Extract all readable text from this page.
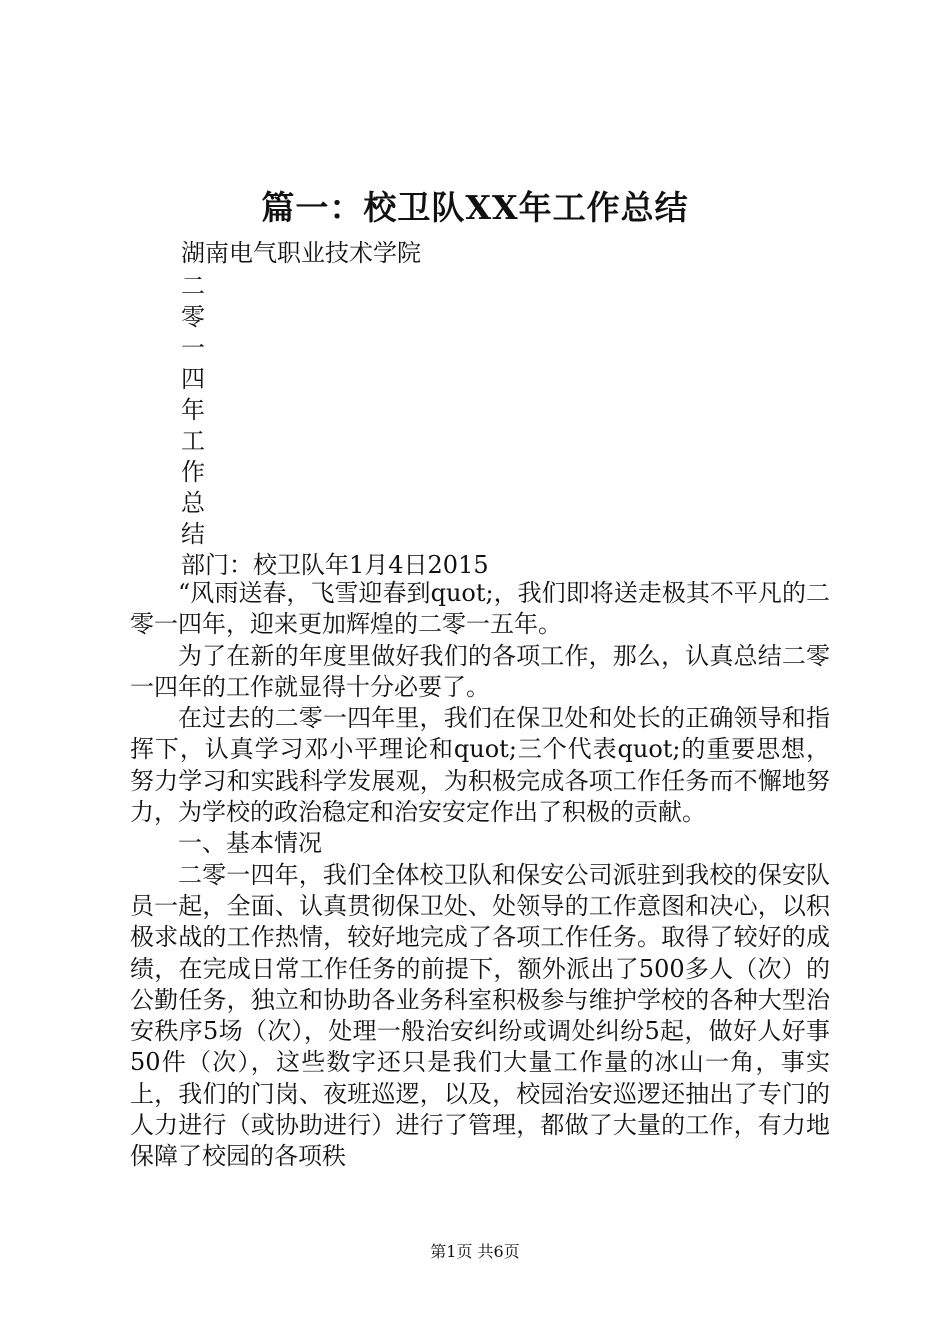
篇一：校卫队XX年工作总结
湖南电气职业技术学院
二
零
一
四
年
工
作
总
结
部门：校卫队年1月4日2015

“风雨送春，飞雪迎春到quot;，我们即将送走极其不平凡的二零一四年，迎来更加辉煌的二零一五年。

为了在新的年度里做好我们的各项工作，那么，认真总结二零一四年的工作就显得十分必要了。

在过去的二零一四年里，我们在保卫处和处长的正确领导和指挥下，认真学习邓小平理论和quot;三个代表quot;的重要思想，努力学习和实践科学发展观，为积极完成各项工作任务而不懈地努力，为学校的政治稳定和治安安定作出了积极的贡献。

一、基本情况

二零一四年，我们全体校卫队和保安公司派驻到我校的保安队员一起，全面、认真贯彻保卫处、处领导的工作意图和决心，以积极求战的工作热情，较好地完成了各项工作任务。取得了较好的成绩，在完成日常工作任务的前提下，额外派出了500多人（次）的公勤任务，独立和协助各业务科室积极参与维护学校的各种大型治安秩序5场（次），处理一般治安纠纷或调处纠纷5起，做好人好事50件（次），这些数字还只是我们大量工作量的冰山一角，事实上，我们的门岗、夜班巡逻，以及，校园治安巡逻还抽出了专门的人力进行（或协助进行）进行了管理，都做了大量的工作，有力地保障了校园的各项秩

第1页 共6页
